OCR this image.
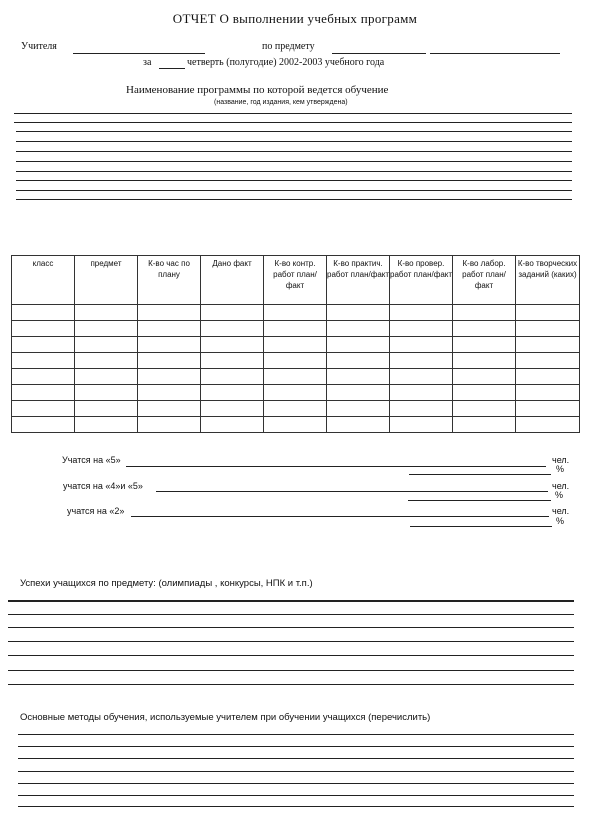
ОТЧЕТ О выполнении учебных программ
Учителя	по предмету
за	четверть (полугодие) 2002-2003 учебного года
Наименование программы по которой ведется обучение
(название, год издания, кем утверждена)
класс	предмет	К-во час по плану	Дано факт	К-во контр. работ план/ факт	К-во практич. работ план/факт	К-во провер. работ план/факт	К-во лабор. работ план/ факт	К-во творческих заданий (каких)

Учатся на «5»	чел.
%
учатся на «4»и «5»	чел.
%
учатся на «2»	чел.
%
Успехи учащихся по предмету: (олимпиады , конкурсы, НПК и т.п.)
Основные методы обучения, используемые учителем при обучении учащихся (перечислить)
